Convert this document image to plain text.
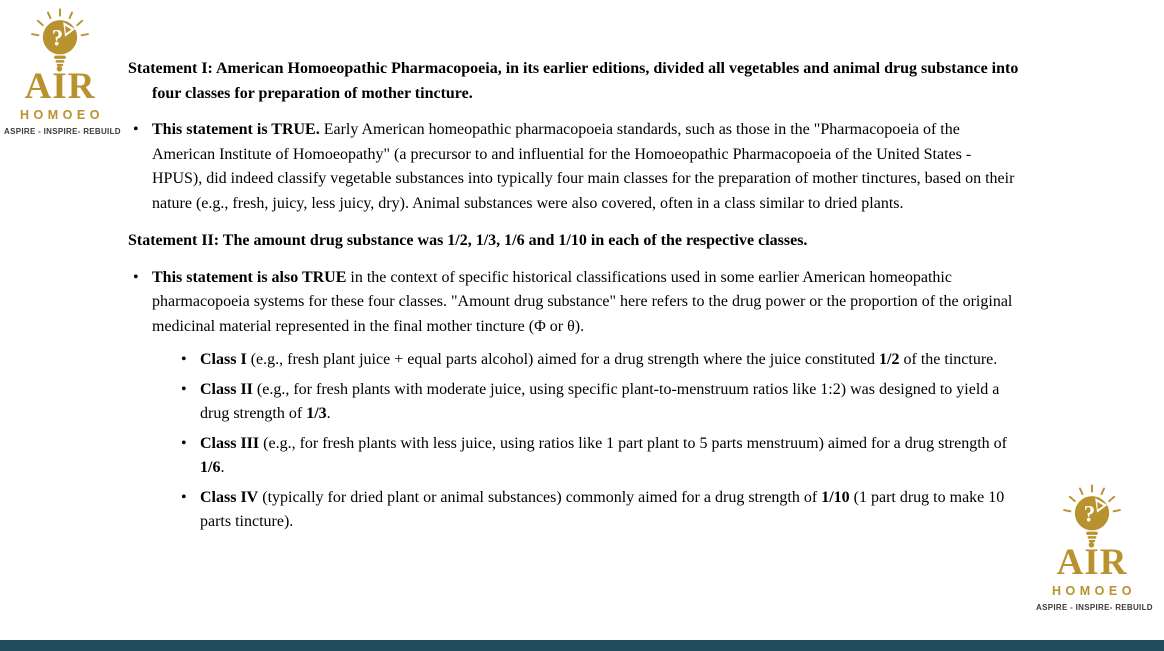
?
AİR
HOMOEO
ASPIRE - INSPIRE- REBUILD
Statement I: American Homoeopathic Pharmacopoeia, in its earlier editions, divided all vegetables and animal drug substance into four classes for preparation of mother tincture.
• This statement is TRUE. Early American homeopathic pharmacopoeia standards, such as those in the "Pharmacopoeia of the American Institute of Homoeopathy" (a precursor to and influential for the Homoeopathic Pharmacopoeia of the United States - HPUS), did indeed classify vegetable substances into typically four main classes for the preparation of mother tinctures, based on their nature (e.g., fresh, juicy, less juicy, dry). Animal substances were also covered, often in a class similar to dried plants.
Statement II: The amount drug substance was 1/2, 1/3, 1/6 and 1/10 in each of the respective classes.
• This statement is also TRUE in the context of specific historical classifications used in some earlier American homeopathic pharmacopoeia systems for these four classes. "Amount drug substance" here refers to the drug power or the proportion of the original medicinal material represented in the final mother tincture (Φ or θ).
• Class I (e.g., fresh plant juice + equal parts alcohol) aimed for a drug strength where the juice constituted 1/2 of the tincture.
• Class II (e.g., for fresh plants with moderate juice, using specific plant-to-menstruum ratios like 1:2) was designed to yield a drug strength of 1/3.
• Class III (e.g., for fresh plants with less juice, using ratios like 1 part plant to 5 parts menstruum) aimed for a drug strength of 1/6.
• Class IV (typically for dried plant or animal substances) commonly aimed for a drug strength of 1/10 (1 part drug to make 10 parts tincture).	?
AİR
HOMOEO
ASPIRE - INSPIRE- REBUILD
